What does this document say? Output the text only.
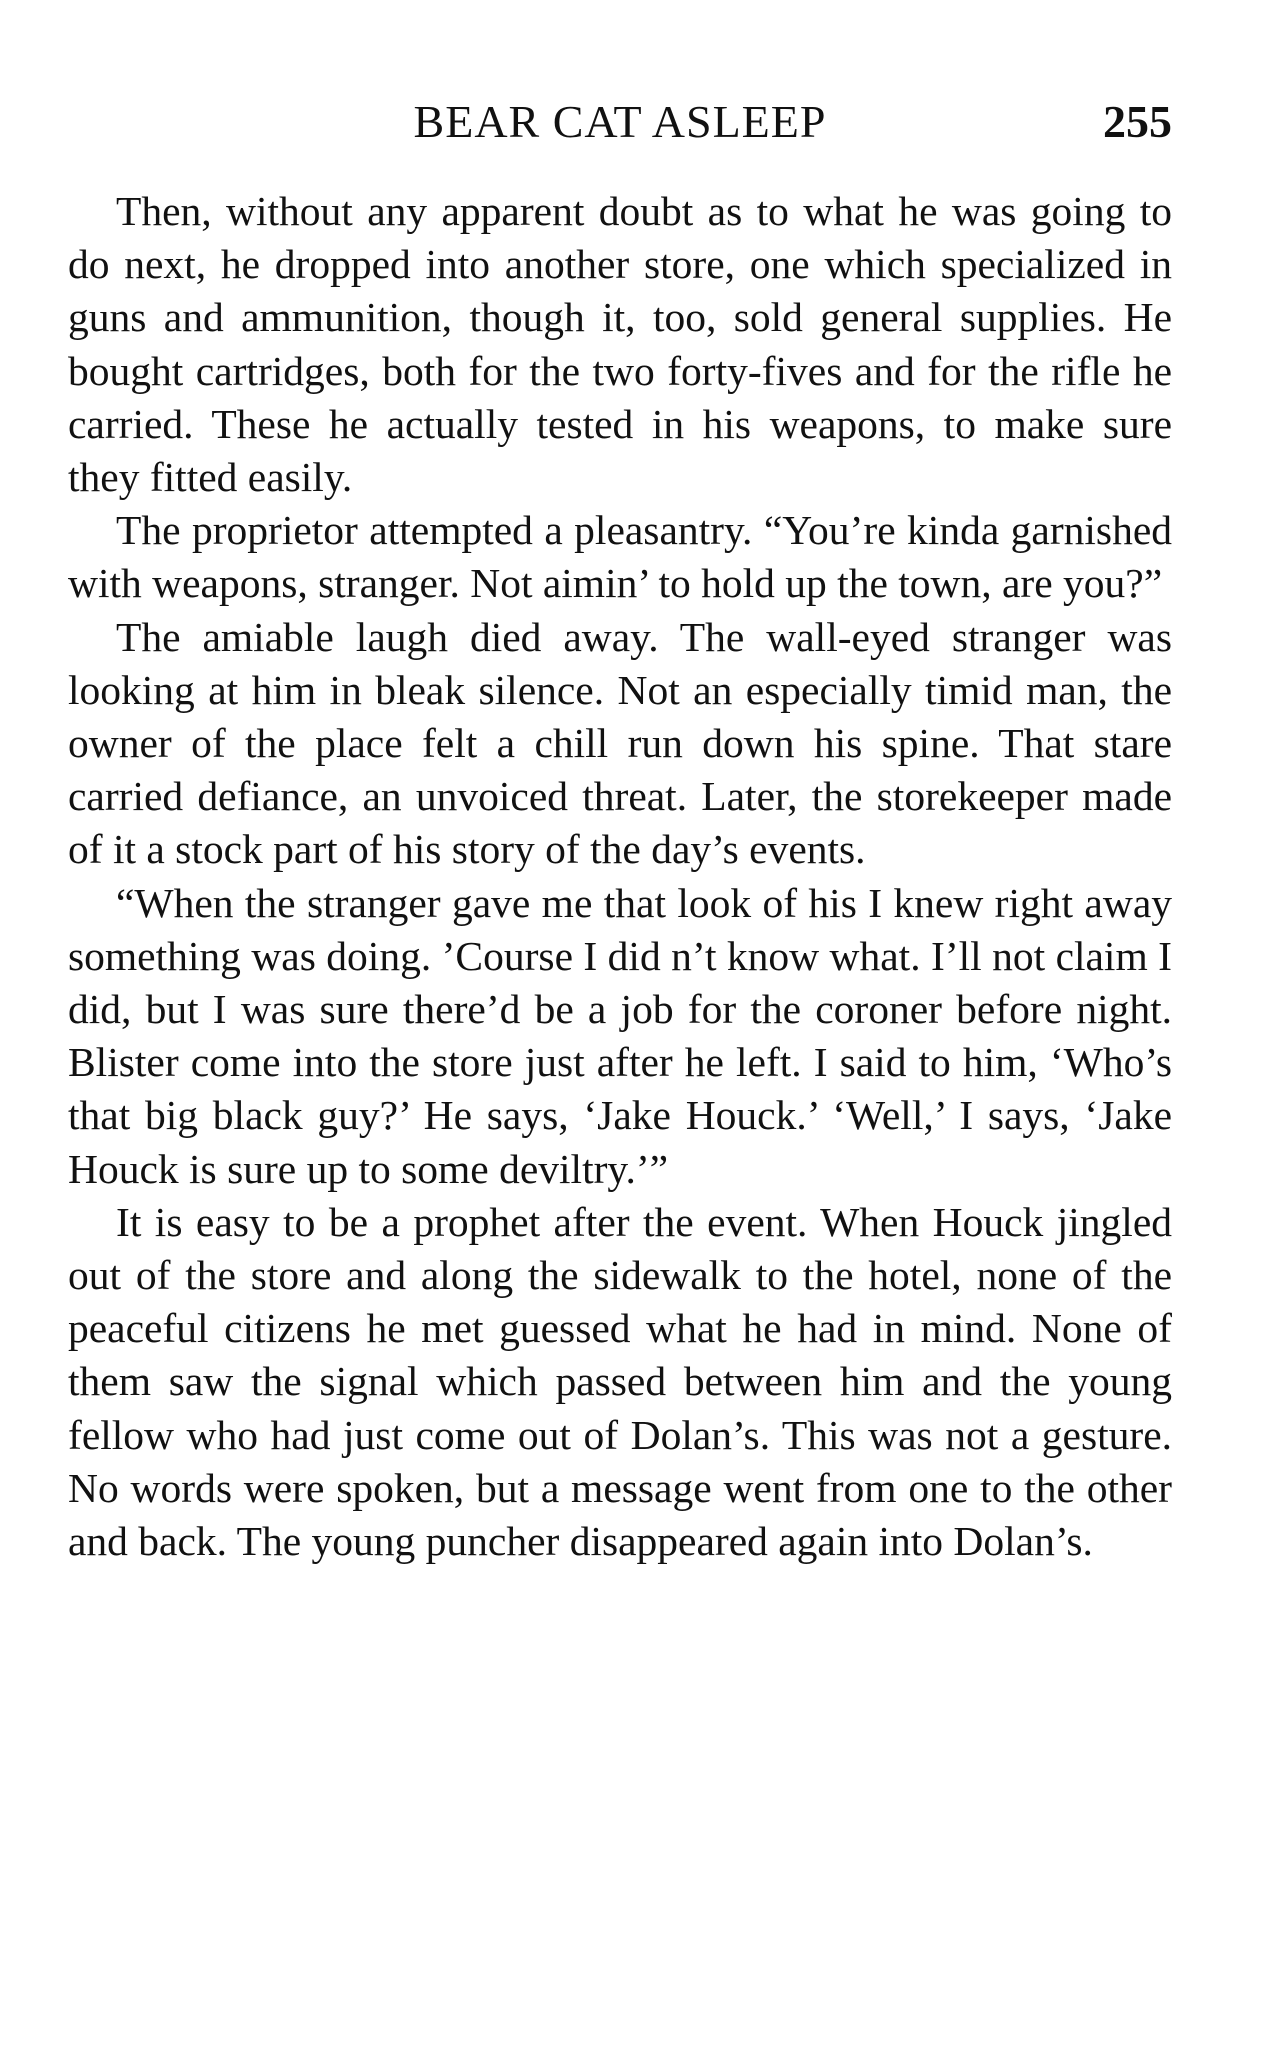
BEAR CAT ASLEEP	255

Then, without any apparent doubt as to what he was going to do next, he dropped into another store, one which specialized in guns and ammunition, though it, too, sold general supplies. He bought cartridges, both for the two forty-fives and for the rifle he carried. These he actually tested in his weapons, to make sure they fitted easily.

The proprietor attempted a pleasantry. “You’re kinda garnished with weapons, stranger. Not aimin’ to hold up the town, are you?”

The amiable laugh died away. The wall-eyed stranger was looking at him in bleak silence. Not an especially timid man, the owner of the place felt a chill run down his spine. That stare carried defiance, an unvoiced threat. Later, the storekeeper made of it a stock part of his story of the day’s events.

“When the stranger gave me that look of his I knew right away something was doing. ’Course I did n’t know what. I’ll not claim I did, but I was sure there’d be a job for the coroner before night. Blister come into the store just after he left. I said to him, ‘Who’s that big black guy?’ He says, ‘Jake Houck.’ ‘Well,’ I says, ‘Jake Houck is sure up to some deviltry.’”

It is easy to be a prophet after the event. When Houck jingled out of the store and along the sidewalk to the hotel, none of the peaceful citizens he met guessed what he had in mind. None of them saw the signal which passed between him and the young fellow who had just come out of Dolan’s. This was not a gesture. No words were spoken, but a message went from one to the other and back. The young puncher disappeared again into Dolan’s.
